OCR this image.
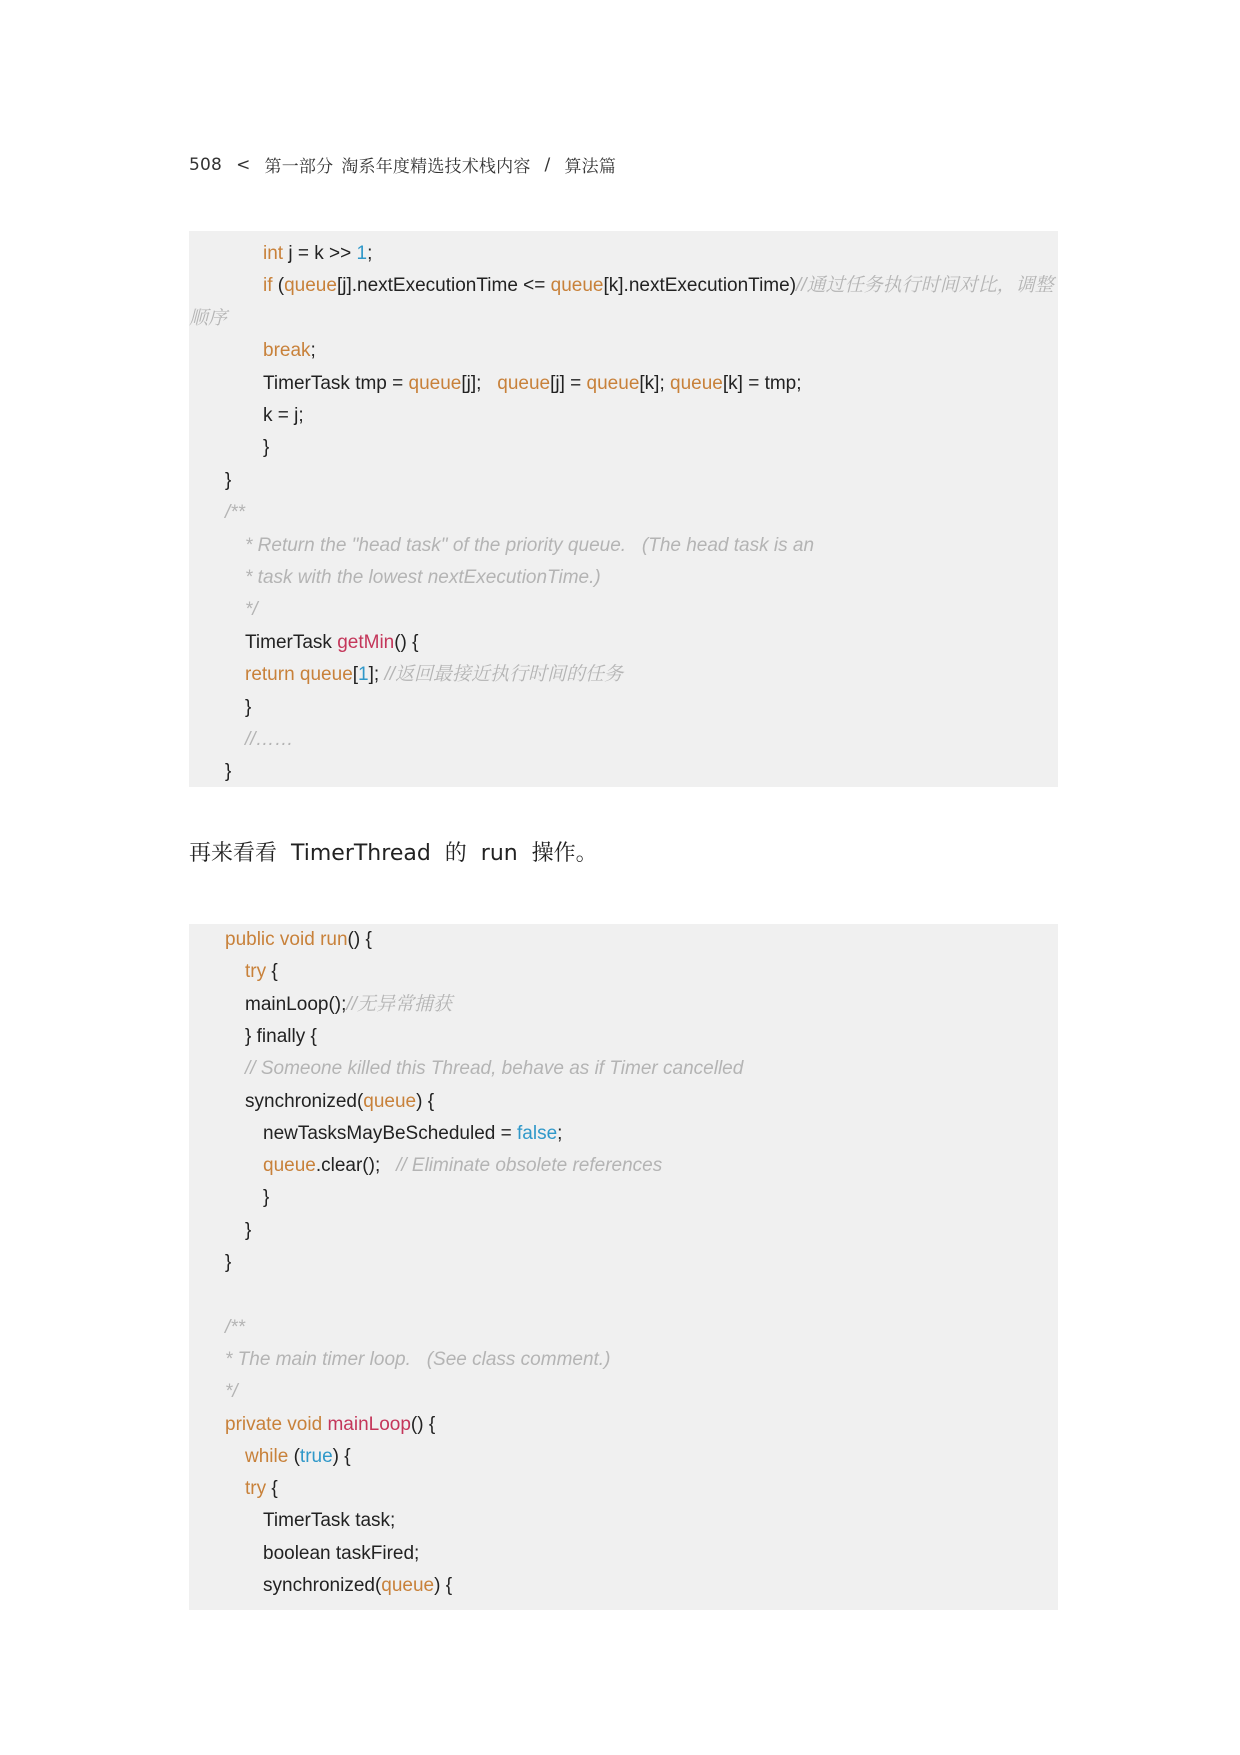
508 < 第一部分 淘系年度精选技术栈内容 / 算法篇
int j = k >> 1;
if (queue[j].nextExecutionTime <= queue[k].nextExecutionTime)//通过任务执行时间对比，调整
顺序
break;
TimerTask tmp = queue[j];   queue[j] = queue[k]; queue[k] = tmp;
k = j;
}
}
/**
* Return the "head task" of the priority queue.   (The head task is an
* task with the lowest nextExecutionTime.)
*/
TimerTask getMin() {
return queue[1]; //返回最接近执行时间的任务
}
//……
}
再来看看  TimerThread  的  run  操作。
public void run() {
try {
mainLoop();//无异常捕获
} finally {
// Someone killed this Thread, behave as if Timer cancelled
synchronized(queue) {
newTasksMayBeScheduled = false;
queue.clear();   // Eliminate obsolete references
}
}
}
/**
* The main timer loop.   (See class comment.)
*/
private void mainLoop() {
while (true) {
try {
TimerTask task;
boolean taskFired;
synchronized(queue) {
